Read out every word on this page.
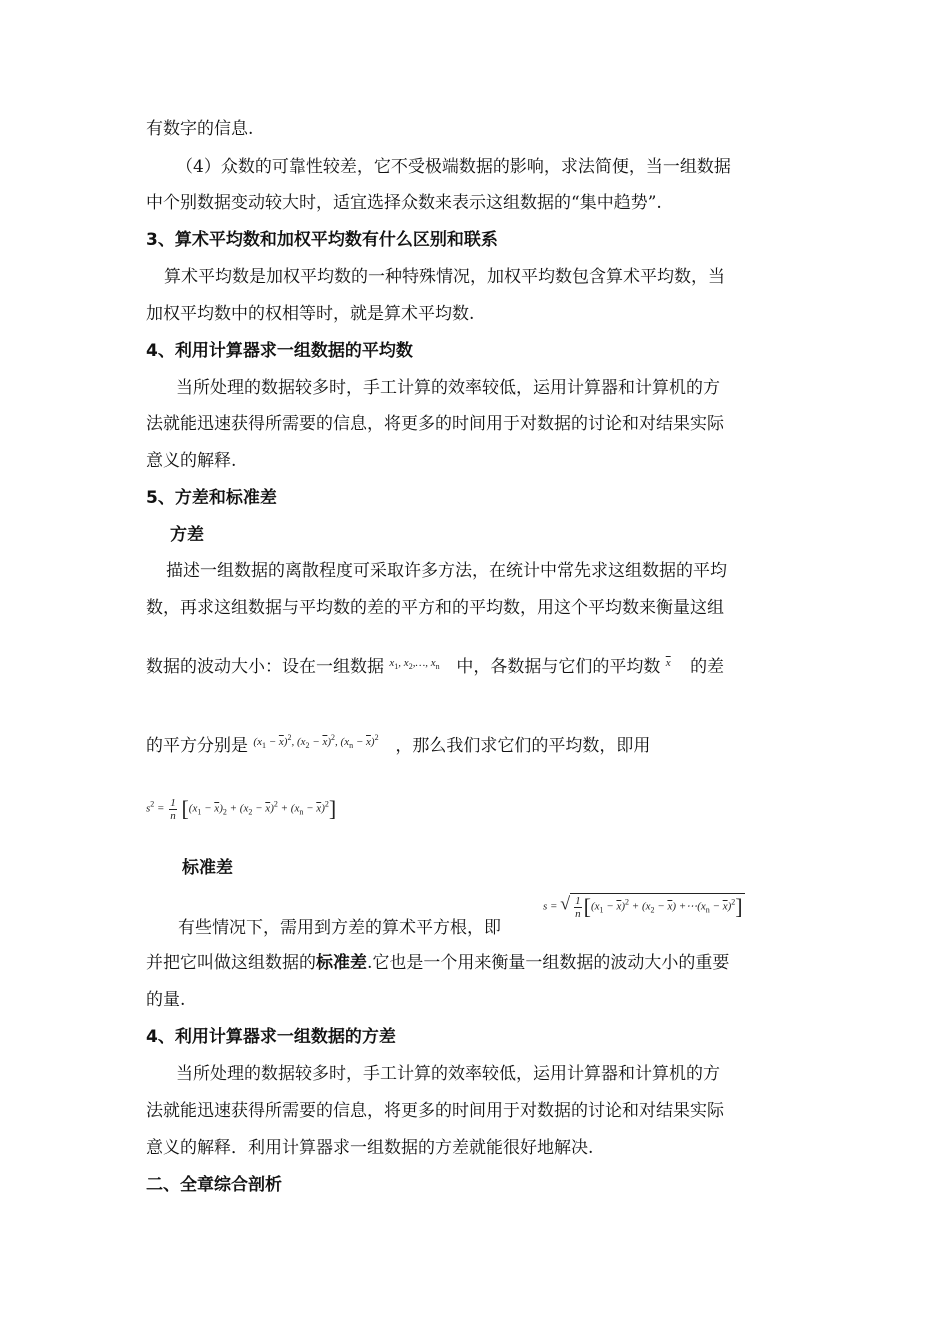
有数字的信息.
（4）众数的可靠性较差，它不受极端数据的影响，求法简便，当一组数据
中个别数据变动较大时，适宜选择众数来表示这组数据的“集中趋势”.
3、算术平均数和加权平均数有什么区别和联系
算术平均数是加权平均数的一种特殊情况，加权平均数包含算术平均数，当
加权平均数中的权相等时，就是算术平均数.
4、利用计算器求一组数据的平均数
当所处理的数据较多时，手工计算的效率较低，运用计算器和计算机的方
法就能迅速获得所需要的信息，将更多的时间用于对数据的讨论和对结果实际
意义的解释.
5、方差和标准差
方差
描述一组数据的离散程度可采取许多方法，在统计中常先求这组数据的平均
数，再求这组数据与平均数的差的平方和的平均数，用这个平均数来衡量这组
数据的波动大小：设在一组数据 $^{x_1, x_2,\dots, x_n}$ 中，各数据与它们的平均数 $^{\overline{x}}$ 的差
的平方分别是 $^{(x_1 - \overline{x})^2, (x_2 - \overline{x})^2, (x_n - \overline{x})^2}$ ，那么我们求它们的平均数，即用
$s^2 = \frac{1}{n} [(x_1 - \overline{x})_2 + (x_2 - \overline{x})^2 + (x_n - \overline{x})^2]$
标准差
有些情况下，需用到方差的算术平方根，即
s = √ $\frac{1}{n} [(x_1 - \overline{x})^2 + (x_2 - \overline{x})$ $+\cdots(x_n - \overline{x})^2$]
并把它叫做这组数据的标准差.它也是一个用来衡量一组数据的波动大小的重要
的量.
4、利用计算器求一组数据的方差
当所处理的数据较多时，手工计算的效率较低，运用计算器和计算机的方
法就能迅速获得所需要的信息，将更多的时间用于对数据的讨论和对结果实际
意义的解释．利用计算器求一组数据的方差就能很好地解决.
二、全章综合剖析
